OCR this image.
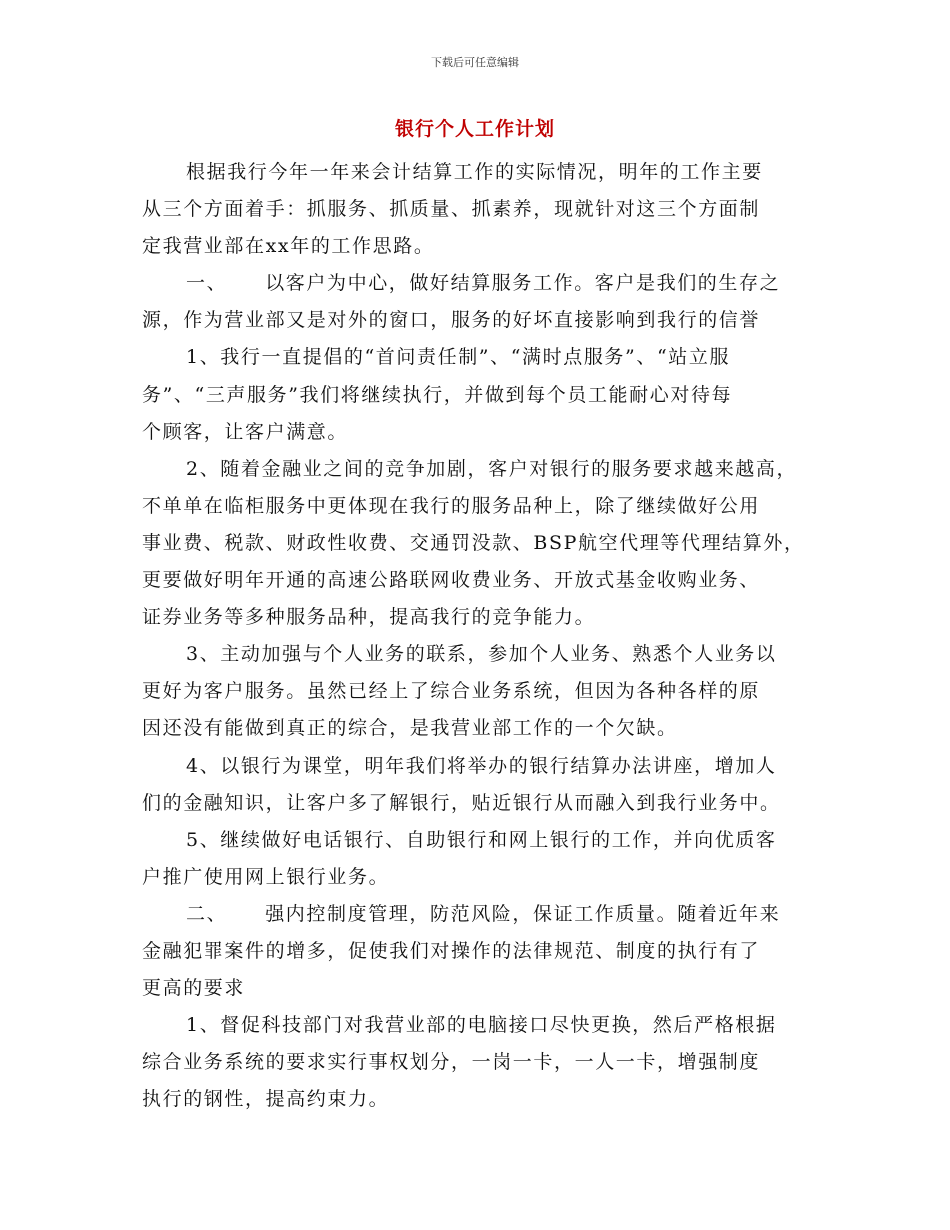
下载后可任意编辑
银行个人工作计划
根据我行今年一年来会计结算工作的实际情况，明年的工作主要
从三个方面着手：抓服务、抓质量、抓素养，现就针对这三个方面制
定我营业部在xx年的工作思路。
一、 以客户为中心，做好结算服务工作。客户是我们的生存之
源，作为营业部又是对外的窗口，服务的好坏直接影响到我行的信誉
1、我行一直提倡的“首问责任制”、“满时点服务”、“站立服
务”、“三声服务”我们将继续执行，并做到每个员工能耐心对待每
个顾客，让客户满意。
2、随着金融业之间的竞争加剧，客户对银行的服务要求越来越高，
不单单在临柜服务中更体现在我行的服务品种上，除了继续做好公用
事业费、税款、财政性收费、交通罚没款、BSP航空代理等代理结算外，
更要做好明年开通的高速公路联网收费业务、开放式基金收购业务、
证券业务等多种服务品种，提高我行的竞争能力。
3、主动加强与个人业务的联系，参加个人业务、熟悉个人业务以
更好为客户服务。虽然已经上了综合业务系统，但因为各种各样的原
因还没有能做到真正的综合，是我营业部工作的一个欠缺。
4、以银行为课堂，明年我们将举办的银行结算办法讲座，增加人
们的金融知识，让客户多了解银行，贴近银行从而融入到我行业务中。
5、继续做好电话银行、自助银行和网上银行的工作，并向优质客
户推广使用网上银行业务。
二、 强内控制度管理，防范风险，保证工作质量。随着近年来
金融犯罪案件的增多，促使我们对操作的法律规范、制度的执行有了
更高的要求
1、督促科技部门对我营业部的电脑接口尽快更换，然后严格根据
综合业务系统的要求实行事权划分，一岗一卡，一人一卡，增强制度
执行的钢性，提高约束力。
